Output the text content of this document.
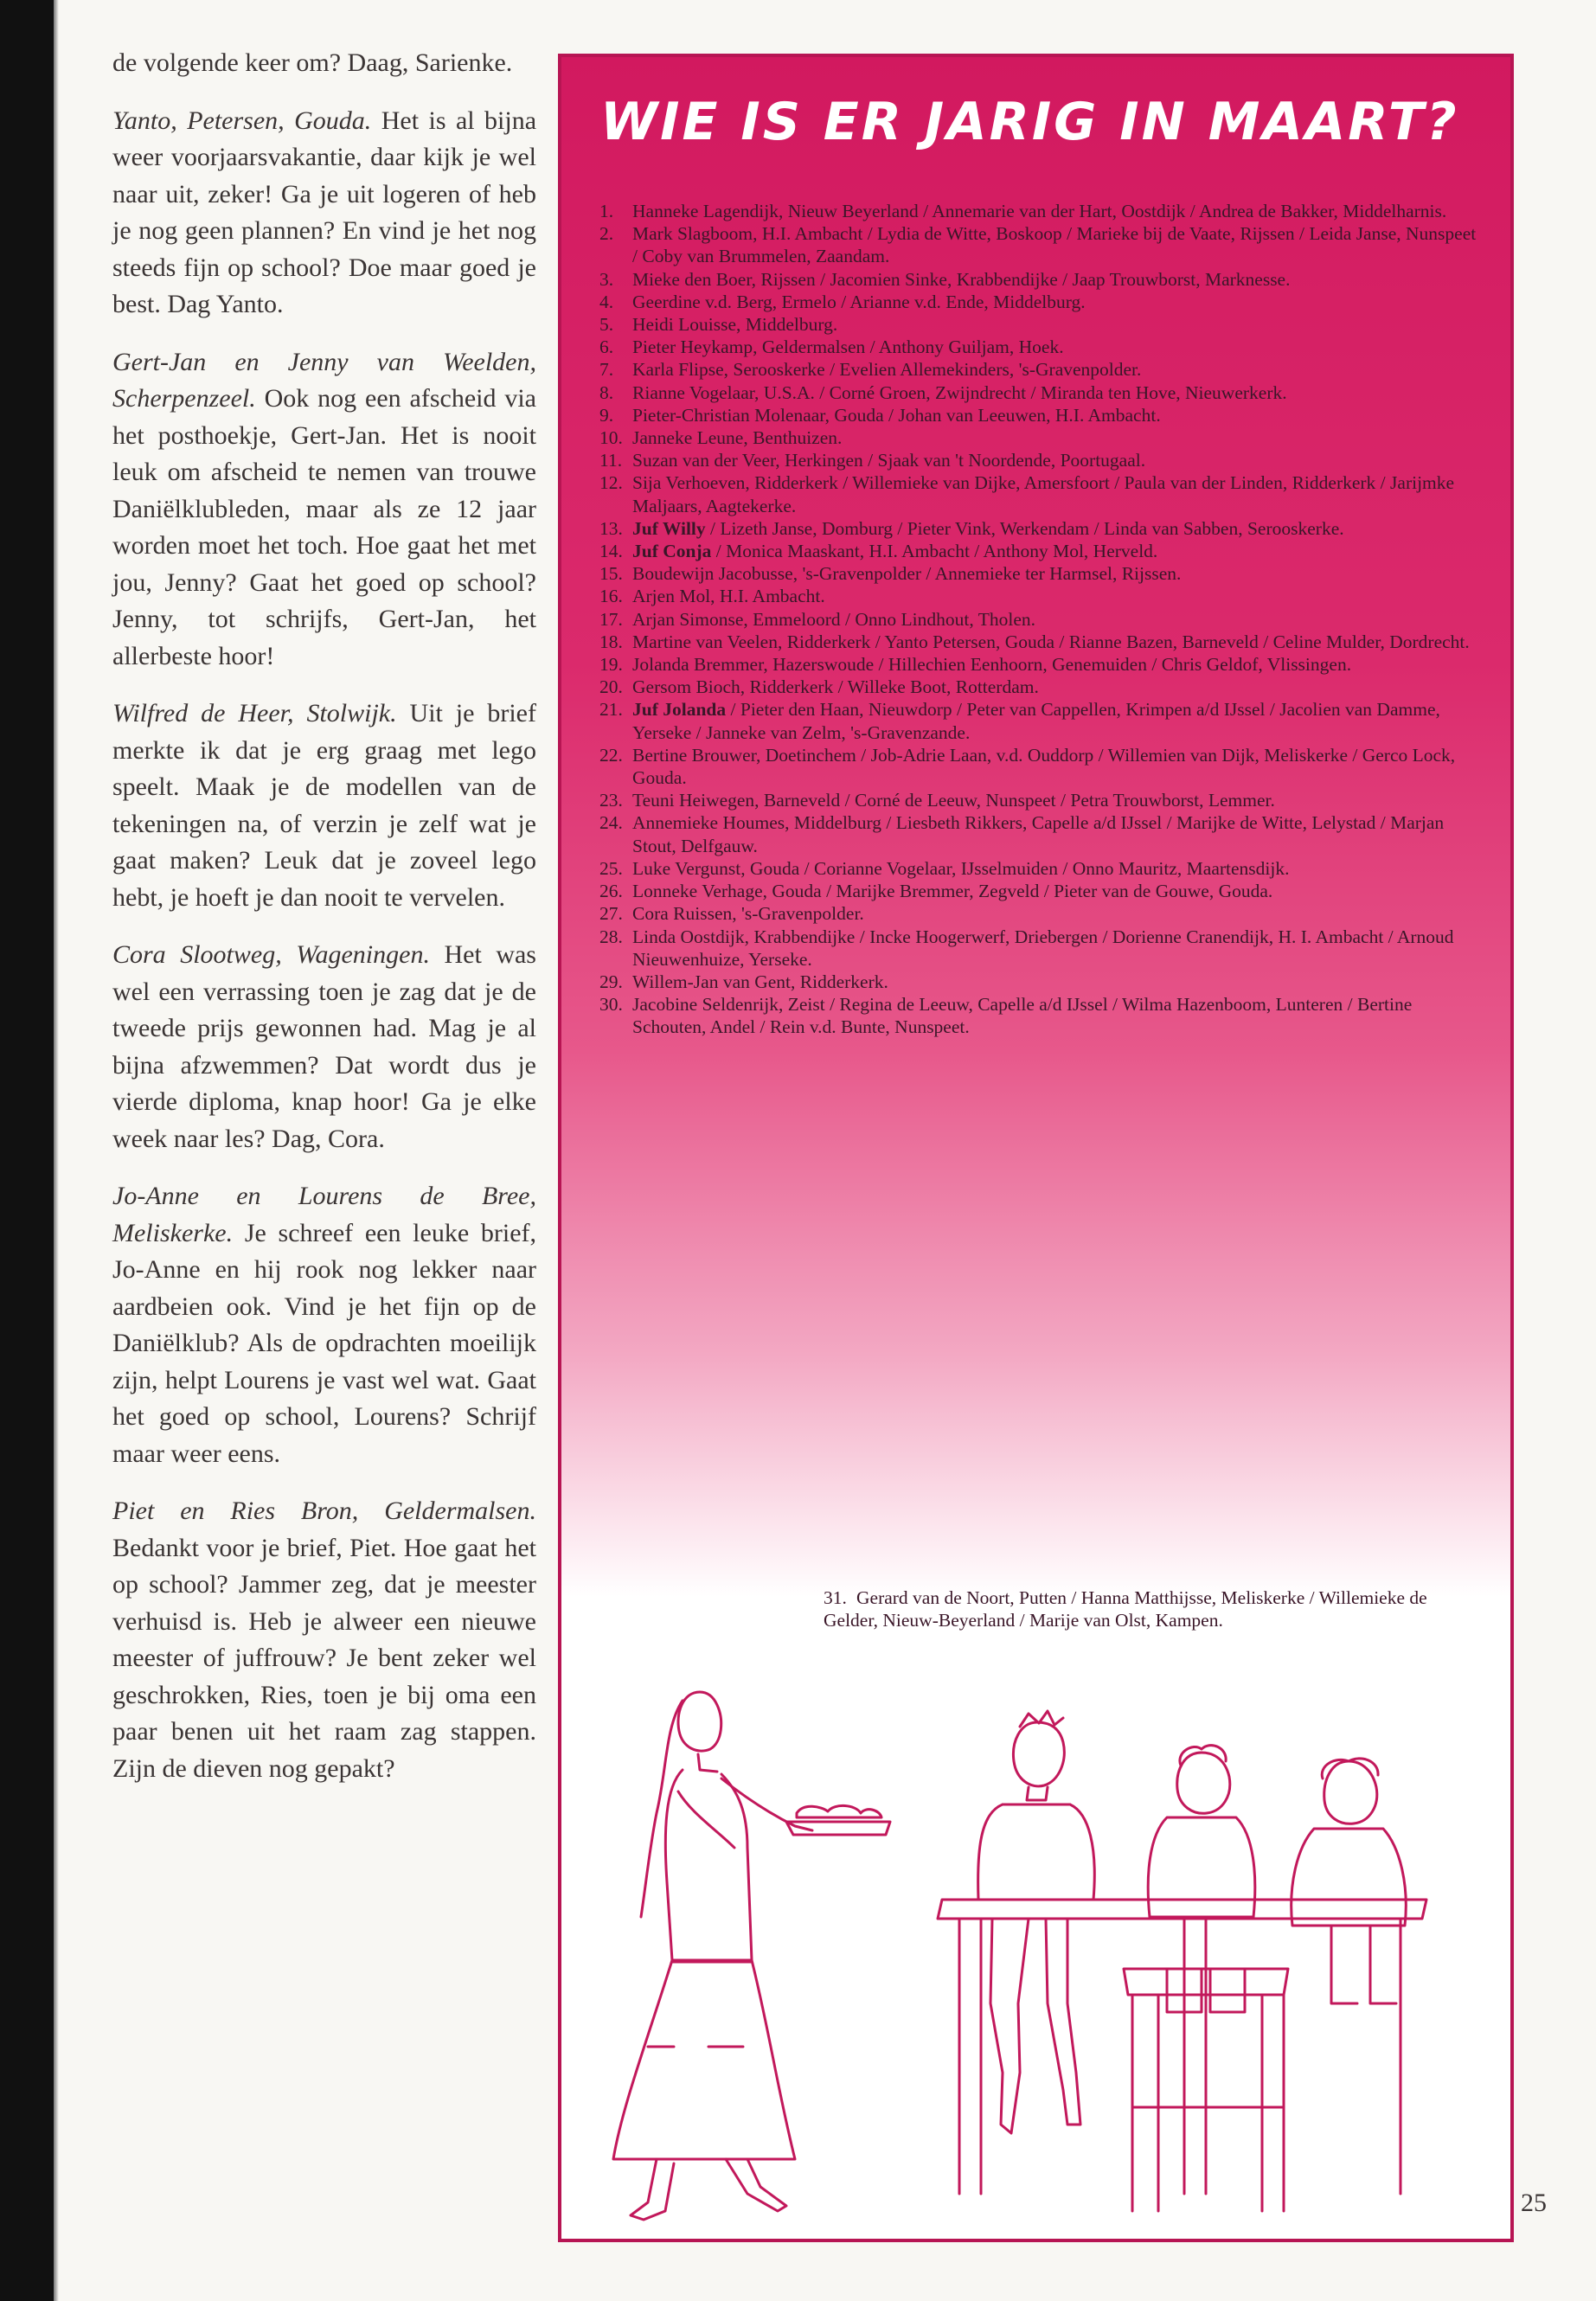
de volgende keer om? Daag, Sarienke.

Yanto, Petersen, Gouda. Het is al bijna weer voorjaarsvakantie, daar kijk je wel naar uit, zeker! Ga je uit logeren of heb je nog geen plannen? En vind je het nog steeds fijn op school? Doe maar goed je best. Dag Yanto.

Gert-Jan en Jenny van Weelden, Scherpenzeel. Ook nog een afscheid via het posthoekje, Gert-Jan. Het is nooit leuk om afscheid te nemen van trouwe Daniëlklubleden, maar als ze 12 jaar worden moet het toch. Hoe gaat het met jou, Jenny? Gaat het goed op school? Jenny, tot schrijfs, Gert-Jan, het allerbeste hoor!

Wilfred de Heer, Stolwijk. Uit je brief merkte ik dat je erg graag met lego speelt. Maak je de modellen van de tekeningen na, of verzin je zelf wat je gaat maken? Leuk dat je zoveel lego hebt, je hoeft je dan nooit te vervelen.

Cora Slootweg, Wageningen. Het was wel een verrassing toen je zag dat je de tweede prijs gewonnen had. Mag je al bijna afzwemmen? Dat wordt dus je vierde diploma, knap hoor! Ga je elke week naar les? Dag, Cora.

Jo-Anne en Lourens de Bree, Meliskerke. Je schreef een leuke brief, Jo-Anne en hij rook nog lekker naar aardbeien ook. Vind je het fijn op de Daniëlklub? Als de opdrachten moeilijk zijn, helpt Lourens je vast wel wat. Gaat het goed op school, Lourens? Schrijf maar weer eens.

Piet en Ries Bron, Geldermalsen. Bedankt voor je brief, Piet. Hoe gaat het op school? Jammer zeg, dat je meester verhuisd is. Heb je alweer een nieuwe meester of juffrouw? Je bent zeker wel geschrokken, Ries, toen je bij oma een paar benen uit het raam zag stappen. Zijn de dieven nog gepakt?

WIE IS ER JARIG IN MAART?
1.	Hanneke Lagendijk, Nieuw Beyerland / Annemarie van der Hart, Oostdijk / Andrea de Bakker, Middelharnis.
2.	Mark Slagboom, H.I. Ambacht / Lydia de Witte, Boskoop / Marieke bij de Vaate, Rijssen / Leida Janse, Nunspeet / Coby van Brummelen, Zaandam.
3.	Mieke den Boer, Rijssen / Jacomien Sinke, Krabbendijke / Jaap Trouwborst, Marknesse.
4.	Geerdine v.d. Berg, Ermelo / Arianne v.d. Ende, Middelburg.
5.	Heidi Louisse, Middelburg.
6.	Pieter Heykamp, Geldermalsen / Anthony Guiljam, Hoek.
7.	Karla Flipse, Serooskerke / Evelien Allemekinders, 's-Gravenpolder.
8.	Rianne Vogelaar, U.S.A. / Corné Groen, Zwijndrecht / Miranda ten Hove, Nieuwerkerk.
9.	Pieter-Christian Molenaar, Gouda / Johan van Leeuwen, H.I. Ambacht.
10. Janneke Leune, Benthuizen.
11. Suzan van der Veer, Herkingen / Sjaak van 't Noordende, Poortugaal.
12. Sija Verhoeven, Ridderkerk / Willemieke van Dijke, Amersfoort / Paula van der Linden, Ridderkerk / Jarijmke Maljaars, Aagtekerke.
13. Juf Willy / Lizeth Janse, Domburg / Pieter Vink, Werkendam / Linda van Sabben, Serooskerke.
14. Juf Conja / Monica Maaskant, H.I. Ambacht / Anthony Mol, Herveld.
15. Boudewijn Jacobusse, 's-Gravenpolder / Annemieke ter Harmsel, Rijssen.
16. Arjen Mol, H.I. Ambacht.
17. Arjan Simonse, Emmeloord / Onno Lindhout, Tholen.
18. Martine van Veelen, Ridderkerk / Yanto Petersen, Gouda / Rianne Bazen, Barneveld / Celine Mulder, Dordrecht.
19. Jolanda Bremmer, Hazerswoude / Hillechien Eenhoorn, Genemuiden / Chris Geldof, Vlissingen.
20. Gersom Bioch, Ridderkerk / Willeke Boot, Rotterdam.
21. Juf Jolanda / Pieter den Haan, Nieuwdorp / Peter van Cappellen, Krimpen a/d IJssel / Jacolien van Damme, Yerseke / Janneke van Zelm, 's-Gravenzande.
22. Bertine Brouwer, Doetinchem / Job-Adrie Laan, v.d. Ouddorp / Willemien van Dijk, Meliskerke / Gerco Lock, Gouda.
23. Teuni Heiwegen, Barneveld / Corné de Leeuw, Nunspeet / Petra Trouwborst, Lemmer.
24. Annemieke Houmes, Middelburg / Liesbeth Rikkers, Capelle a/d IJssel / Marijke de Witte, Lelystad / Marjan Stout, Delfgauw.
25. Luke Vergunst, Gouda / Corianne Vogelaar, IJsselmuiden / Onno Mauritz, Maartensdijk.
26. Lonneke Verhage, Gouda / Marijke Bremmer, Zegveld / Pieter van de Gouwe, Gouda.
27. Cora Ruissen, 's-Gravenpolder.
28. Linda Oostdijk, Krabbendijke / Incke Hoogerwerf, Driebergen / Dorienne Cranendijk, H. I. Ambacht / Arnoud Nieuwenhuize, Yerseke.
29. Willem-Jan van Gent, Ridderkerk.
30. Jacobine Seldenrijk, Zeist / Regina de Leeuw, Capelle a/d IJssel / Wilma Hazenboom, Lunteren / Bertine Schouten, Andel / Rein v.d. Bunte, Nunspeet.
31. Gerard van de Noort, Putten / Hanna Matthijsse, Meliskerke / Willemieke de Gelder, Nieuw-Beyerland / Marije van Olst, Kampen.
25
